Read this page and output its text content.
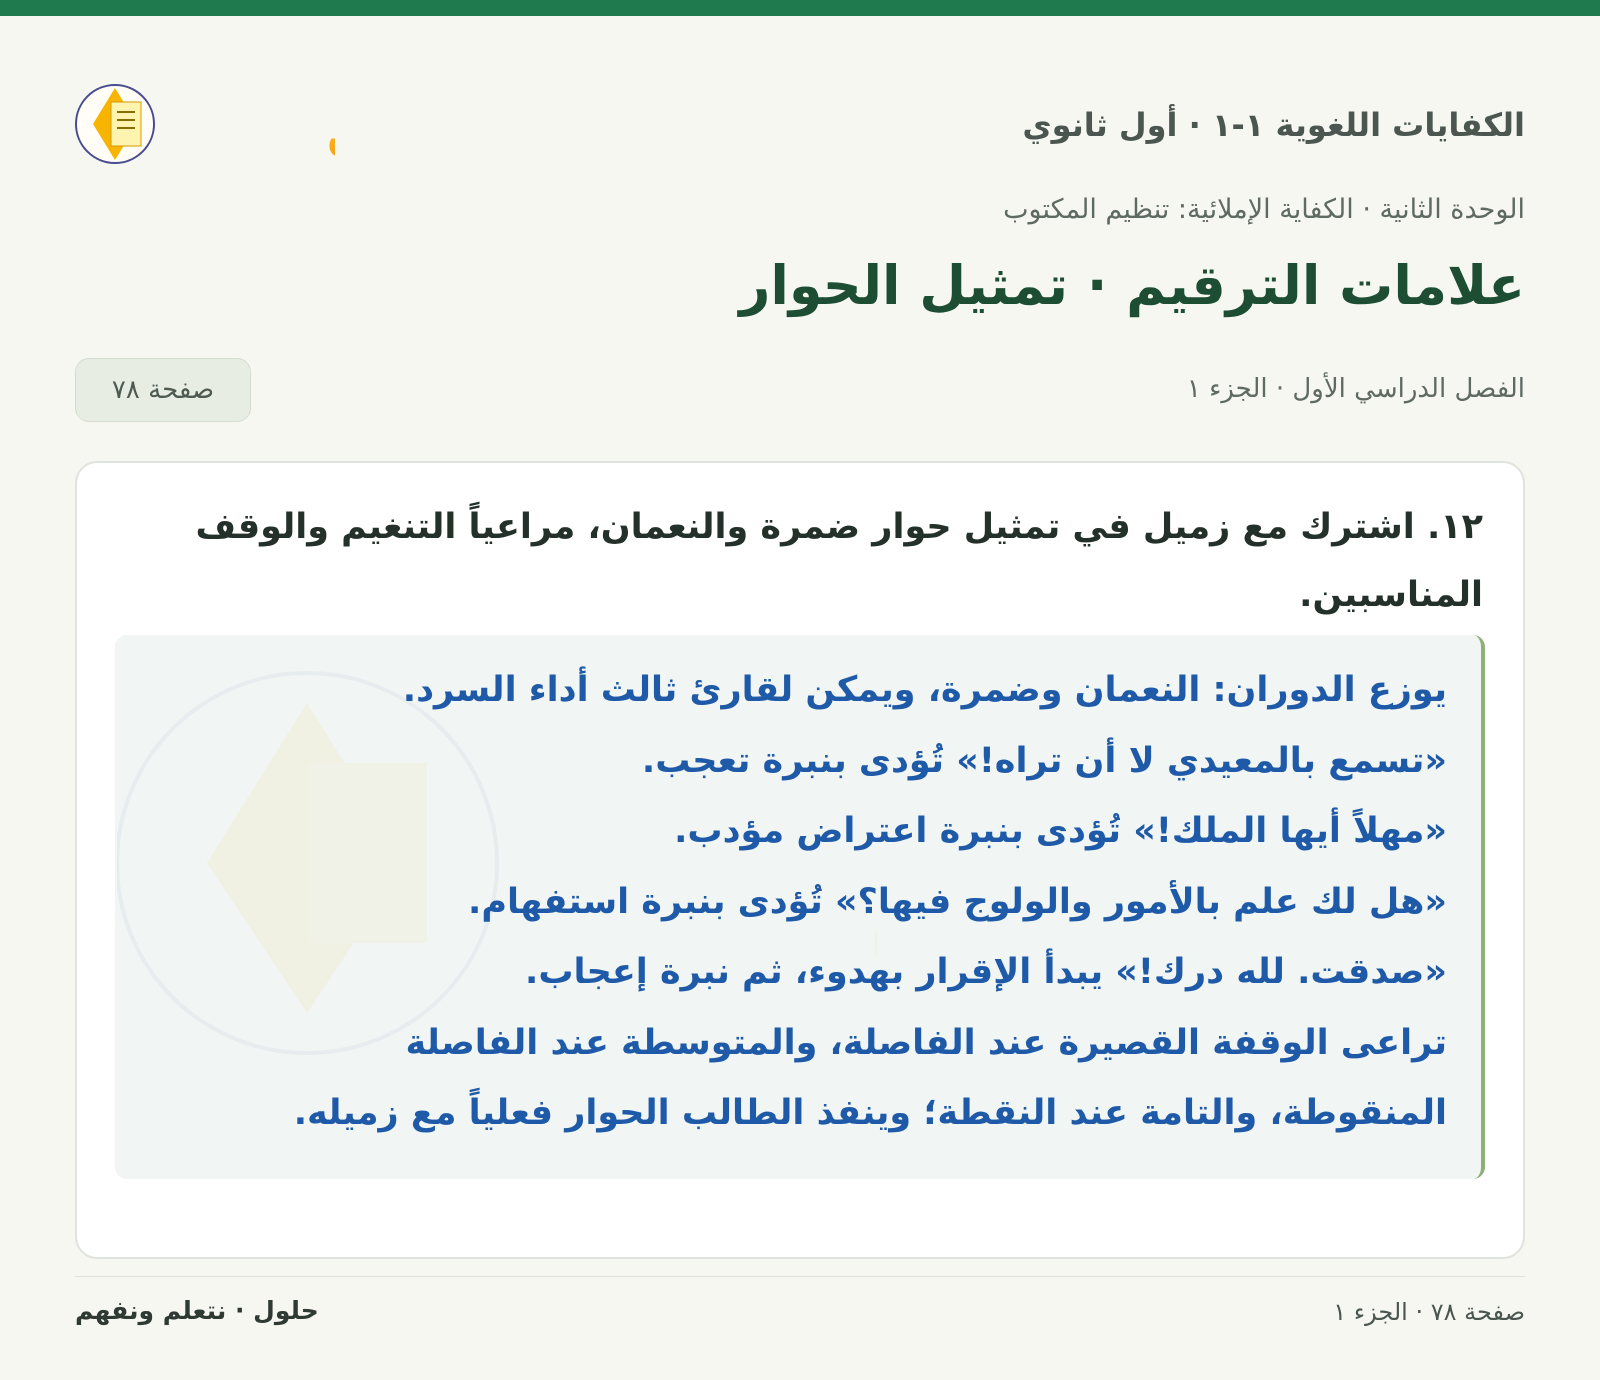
الكفايات اللغوية ١-١ · أول ثانوي
الوحدة الثانية · الكفاية الإملائية: تنظيم المكتوب
علامات الترقيم · تمثيل الحوار
الفصل الدراسي الأول · الجزء ١
صفحة ٧٨
١٢. اشترك مع زميل في تمثيل حوار ضمرة والنعمان، مراعياً التنغيم والوقف المناسبين.
يوزع الدوران: النعمان وضمرة، ويمكن لقارئ ثالث أداء السرد.
«تسمع بالمعيدي لا أن تراه!» تُؤدى بنبرة تعجب.
«مهلاً أيها الملك!» تُؤدى بنبرة اعتراض مؤدب.
«هل لك علم بالأمور والولوج فيها؟» تُؤدى بنبرة استفهام.
«صدقت. لله درك!» يبدأ الإقرار بهدوء، ثم نبرة إعجاب.
تراعى الوقفة القصيرة عند الفاصلة، والمتوسطة عند الفاصلة
المنقوطة، والتامة عند النقطة؛ وينفذ الطالب الحوار فعلياً مع زميله.
صفحة ٧٨ · الجزء ١
حلول · نتعلم ونفهم
